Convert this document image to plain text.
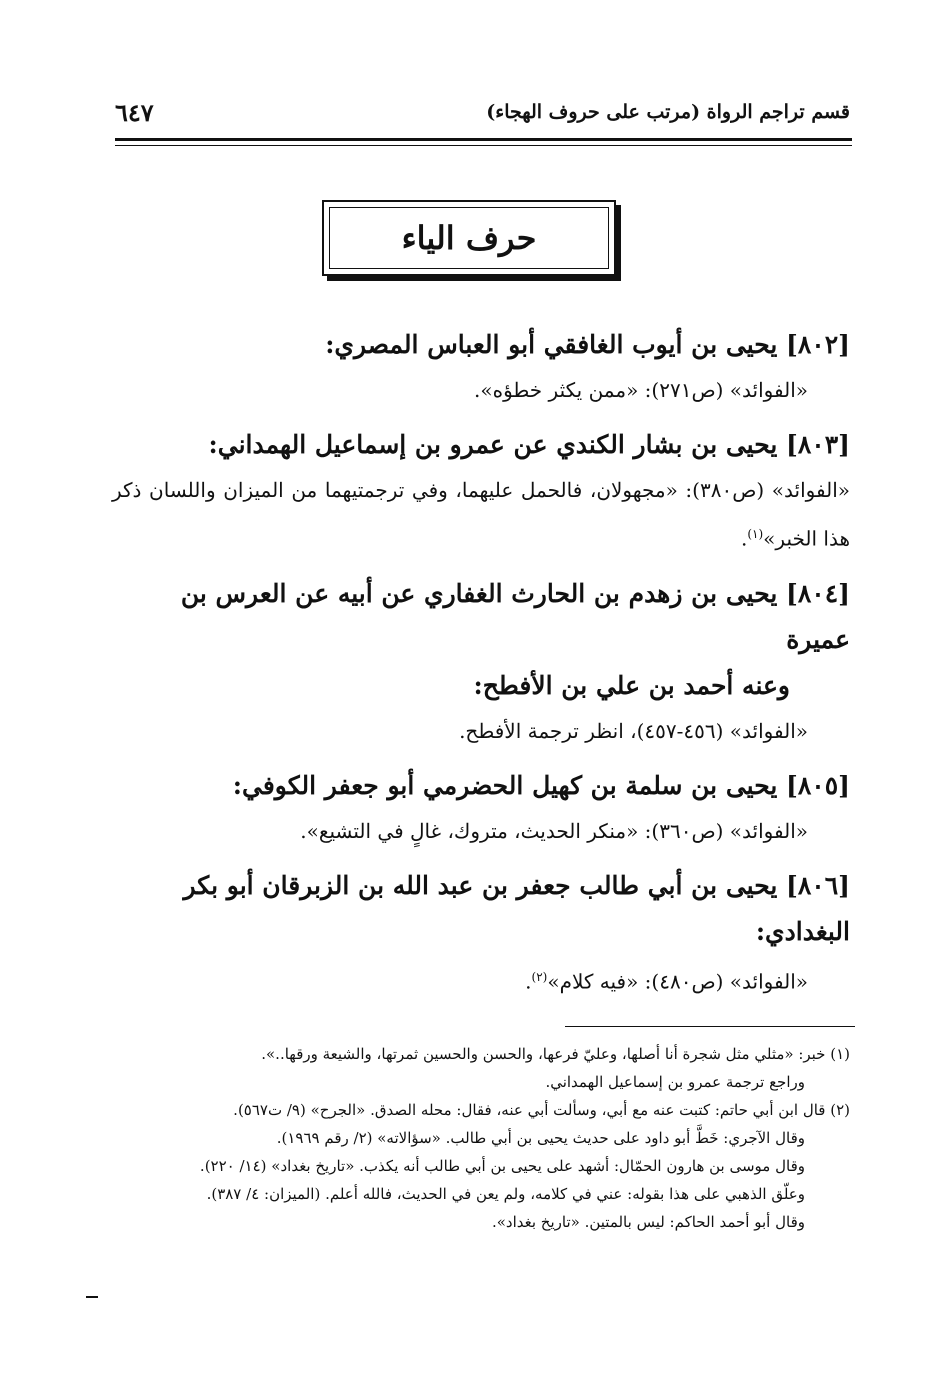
٦٤٧	قسم تراجم الرواة (مرتب على حروف الهجاء)
حرف الياء
[٨٠٢] يحيى بن أيوب الغافقي أبو العباس المصري:
«الفوائد» (ص٢٧١): «ممن يكثر خطؤه».
[٨٠٣] يحيى بن بشار الكندي عن عمرو بن إسماعيل الهمداني:
«الفوائد» (ص٣٨٠): «مجهولان، فالحمل عليهما، وفي ترجمتيهما من الميزان واللسان ذكر هذا الخبر»$^{(١)}$.
[٨٠٤] يحيى بن زهدم بن الحارث الغفاري عن أبيه عن العرس بن عميرة
وعنه أحمد بن علي بن الأفطح:
«الفوائد» (٤٥٦-٤٥٧)، انظر ترجمة الأفطح.
[٨٠٥] يحيى بن سلمة بن كهيل الحضرمي أبو جعفر الكوفي:
«الفوائد» (ص٣٦٠): «منكر الحديث، متروك، غالٍ في التشيع».
[٨٠٦] يحيى بن أبي طالب جعفر بن عبد الله بن الزبرقان أبو بكر البغدادي:
«الفوائد» (ص٤٨٠): «فيه كلام»$^{(٢)}$.
(١) خبر: «مثلي مثل شجرة أنا أصلها، وعليّ فرعها، والحسن والحسين ثمرتها، والشيعة ورقها..».
وراجع ترجمة عمرو بن إسماعيل الهمداني.
(٢) قال ابن أبي حاتم: كتبت عنه مع أبي، وسألت أبي عنه، فقال: محله الصدق. «الجرح» (٩/ ت٥٦٧).
وقال الآجري: خَطَّ أبو داود على حديث يحيى بن أبي طالب. «سؤالاته» (٢/ رقم ١٩٦٩).
وقال موسى بن هارون الحمّال: أشهد على يحيى بن أبي طالب أنه يكذب. «تاريخ بغداد» (١٤/ ٢٢٠).
وعلّق الذهبي على هذا بقوله: عني في كلامه، ولم يعن في الحديث، فالله أعلم. (الميزان: ٤/ ٣٨٧).
وقال أبو أحمد الحاكم: ليس بالمتين. «تاريخ بغداد».
